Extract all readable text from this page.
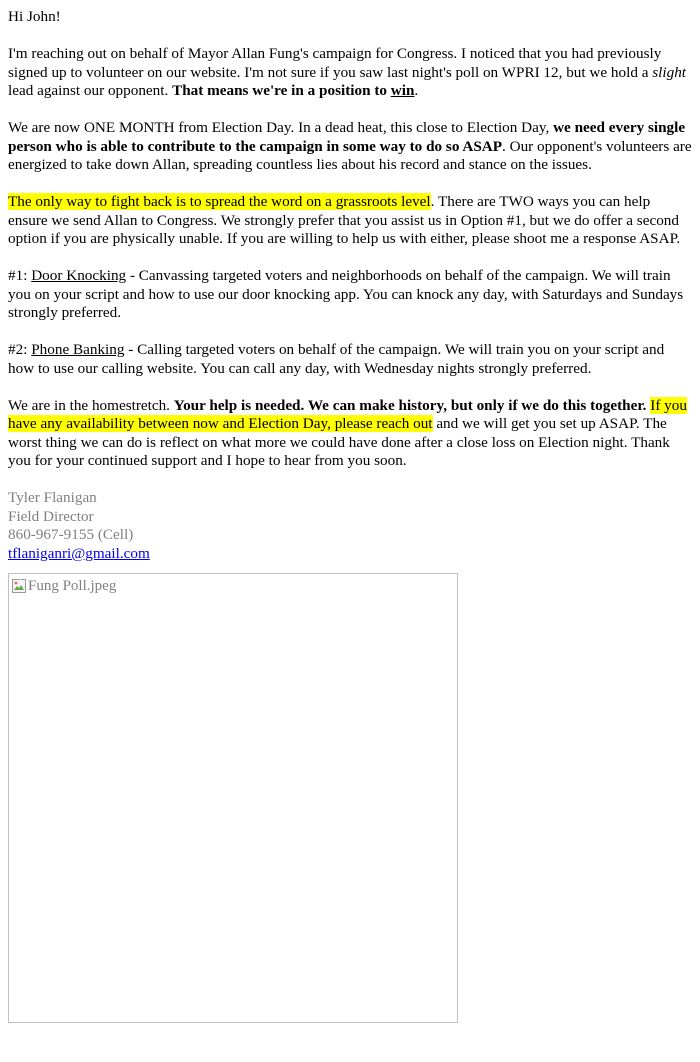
Hi John!

I'm reaching out on behalf of Mayor Allan Fung's campaign for Congress. I noticed that you had previously signed up to volunteer on our website. I'm not sure if you saw last night's poll on WPRI 12, but we hold a slight lead against our opponent. That means we're in a position to win.

We are now ONE MONTH from Election Day. In a dead heat, this close to Election Day, we need every single person who is able to contribute to the campaign in some way to do so ASAP. Our opponent's volunteers are energized to take down Allan, spreading countless lies about his record and stance on the issues.

The only way to fight back is to spread the word on a grassroots level. There are TWO ways you can help ensure we send Allan to Congress. We strongly prefer that you assist us in Option #1, but we do offer a second option if you are physically unable. If you are willing to help us with either, please shoot me a response ASAP.

#1: Door Knocking - Canvassing targeted voters and neighborhoods on behalf of the campaign. We will train you on your script and how to use our door knocking app. You can knock any day, with Saturdays and Sundays strongly preferred.

#2: Phone Banking - Calling targeted voters on behalf of the campaign. We will train you on your script and how to use our calling website. You can call any day, with Wednesday nights strongly preferred.

We are in the homestretch. Your help is needed. We can make history, but only if we do this together. If you have any availability between now and Election Day, please reach out and we will get you set up ASAP. The worst thing we can do is reflect on what more we could have done after a close loss on Election night. Thank you for your continued support and I hope to hear from you soon.

Tyler Flanigan

Field Director

860-967-9155 (Cell)

tflaniganri@gmail.com

Fung Poll.jpeg
